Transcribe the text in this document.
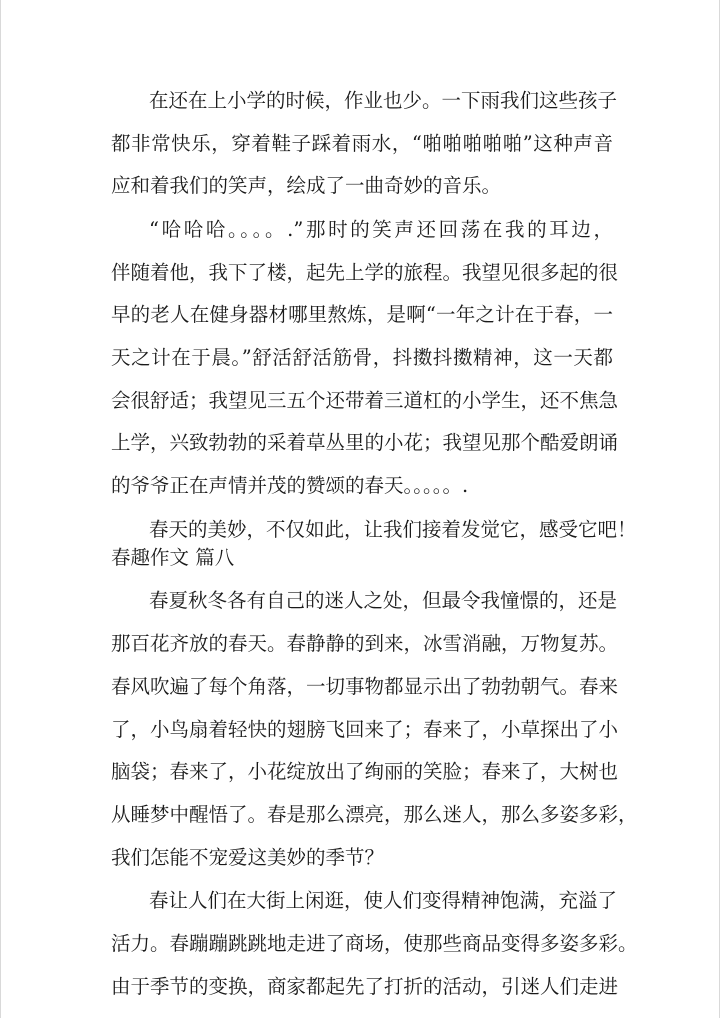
在还在上小学的时候，作业也少。一下雨我们这些孩子
都非常快乐，穿着鞋子踩着雨水，“啪啪啪啪啪”这种声音
应和着我们的笑声，绘成了一曲奇妙的音乐。
“哈哈哈。。。。.”那时的笑声还回荡在我的耳边，
伴随着他，我下了楼，起先上学的旅程。我望见很多起的很
早的老人在健身器材哪里熬炼，是啊“一年之计在于春，一
天之计在于晨。”舒活舒活筋骨，抖擞抖擞精神，这一天都
会很舒适；我望见三五个还带着三道杠的小学生，还不焦急
上学，兴致勃勃的采着草丛里的小花；我望见那个酷爱朗诵
的爷爷正在声情并茂的赞颂的春天。。。。。.
春天的美妙，不仅如此，让我们接着发觉它，感受它吧！
春趣作文 篇八
春夏秋冬各有自己的迷人之处，但最令我憧憬的，还是
那百花齐放的春天。春静静的到来，冰雪消融，万物复苏。
春风吹遍了每个角落，一切事物都显示出了勃勃朝气。春来
了，小鸟扇着轻快的翅膀飞回来了；春来了，小草探出了小
脑袋；春来了，小花绽放出了绚丽的笑脸；春来了，大树也
从睡梦中醒悟了。春是那么漂亮，那么迷人，那么多姿多彩，
我们怎能不宠爱这美妙的季节？
春让人们在大街上闲逛，使人们变得精神饱满，充溢了
活力。春蹦蹦跳跳地走进了商场，使那些商品变得多姿多彩。
由于季节的变换，商家都起先了打折的活动，引迷人们走进
